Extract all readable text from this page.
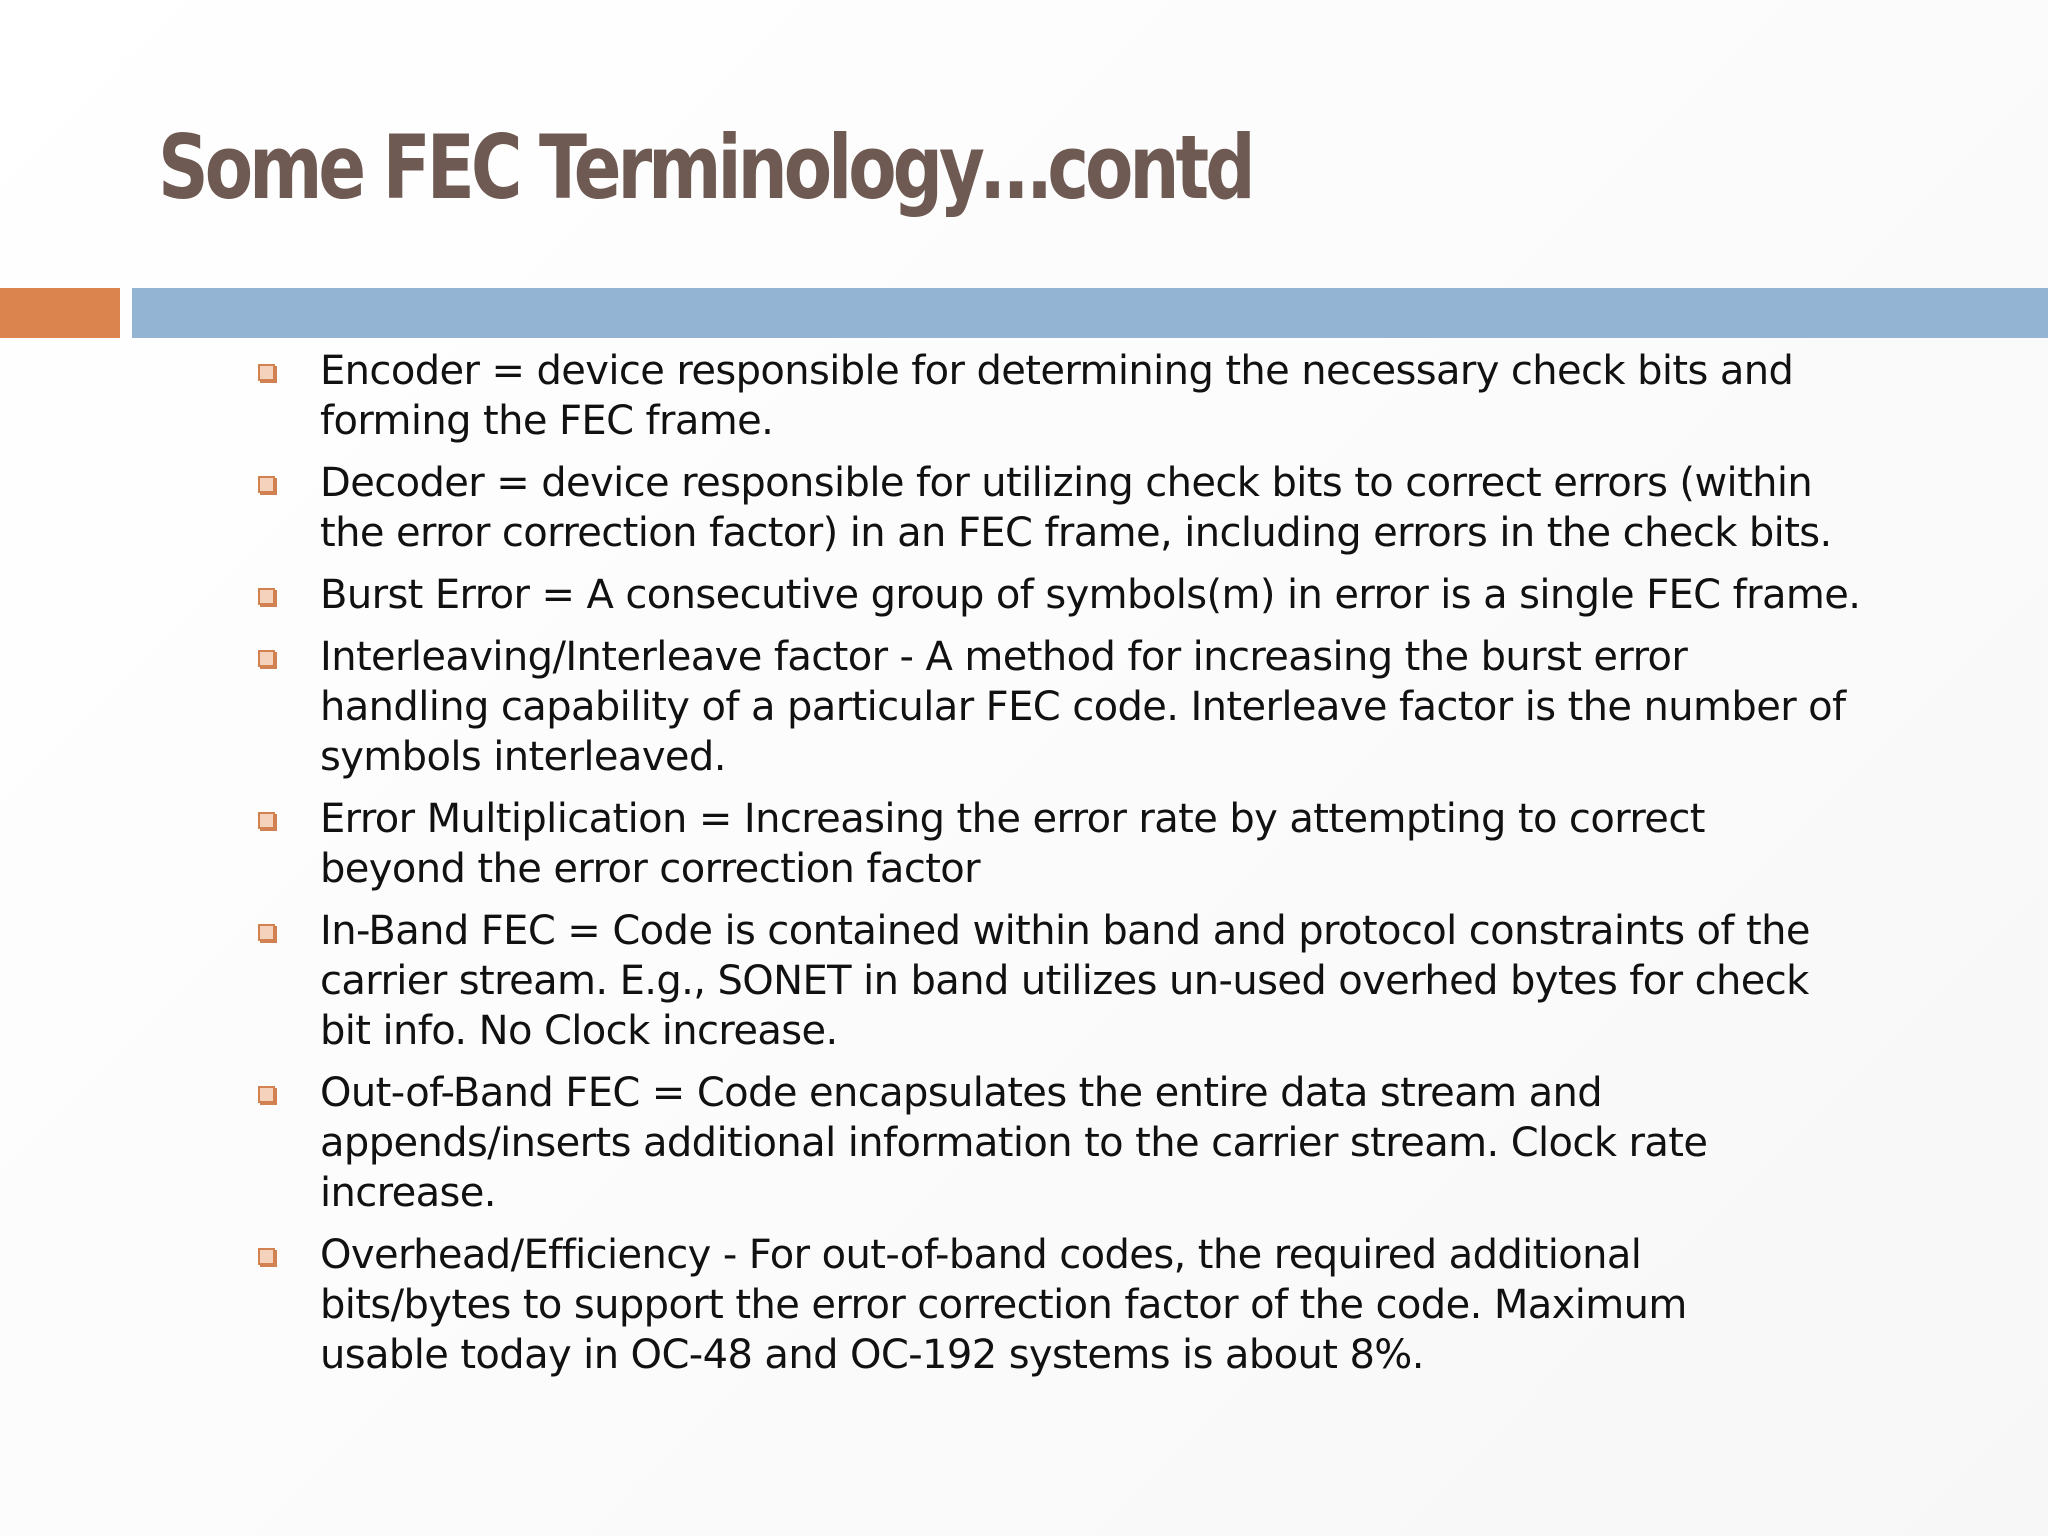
Some FEC Terminology…contd
Encoder = device responsible for determining the necessary check bits and
forming the FEC frame.
Decoder = device responsible for utilizing check bits to correct errors (within
the error correction factor) in an FEC frame, including errors in the check bits.
Burst Error = A consecutive group of symbols(m) in error is a single FEC frame.
Interleaving/Interleave factor - A method for increasing the burst error
handling capability of a particular FEC code. Interleave factor is the number of
symbols interleaved.
Error Multiplication = Increasing the error rate by attempting to correct
beyond the error correction factor
In-Band FEC = Code is contained within band and protocol constraints of the
carrier stream. E.g., SONET in band utilizes un-used overhed bytes for check
bit info. No Clock increase.
Out-of-Band FEC = Code encapsulates the entire data stream and
appends/inserts additional information to the carrier stream. Clock rate
increase.
Overhead/Efficiency - For out-of-band codes, the required additional
bits/bytes to support the error correction factor of the code. Maximum
usable today in OC-48 and OC-192 systems is about 8%.
